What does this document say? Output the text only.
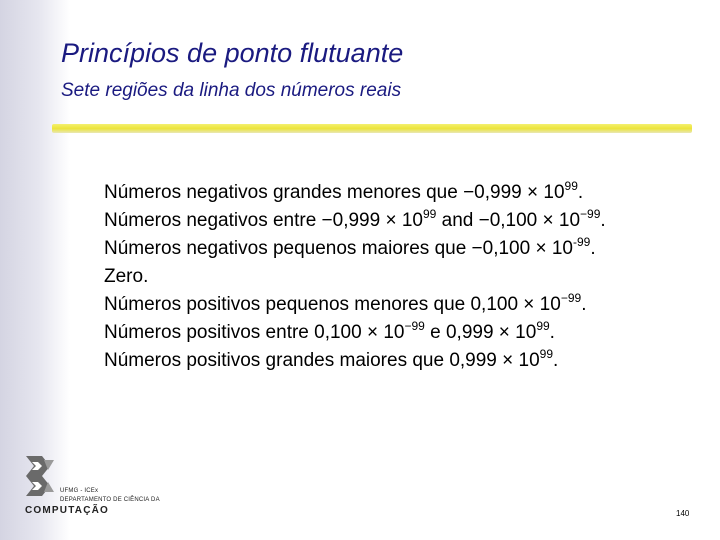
Princípios de ponto flutuante
Sete regiões da linha dos números reais
Números negativos grandes menores que $-0,999 \times 10^{99}$.
Números negativos entre $-0,999 \times 10^{99}$ and $-0,100 \times 10^{-99}$.
Números negativos pequenos maiores que $-0,100 \times 10^{-99}$.
Zero.
Números positivos pequenos menores que $0,100 \times 10^{-99}$.
Números positivos entre $0,100 \times 10^{-99}$ e $0,999 \times 10^{99}$.
Números positivos grandes maiores que $0,999 \times 10^{99}$.
UFMG - ICEx
DEPARTAMENTO DE CIÊNCIA DA
COMPUTAÇÃO	140
